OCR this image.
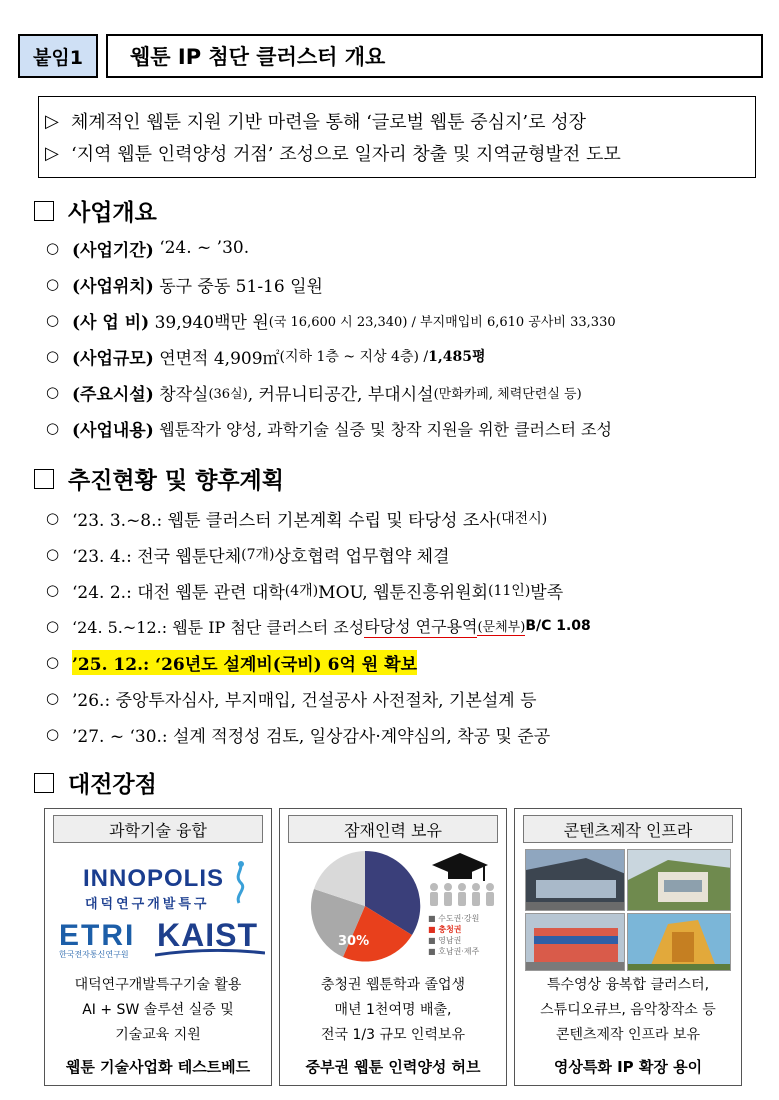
붙임1	웹툰 IP 첨단 클러스터 개요
▷ 체계적인 웹툰 지원 기반 마련을 통해 ‘글로벌 웹툰 중심지’로 성장
▷ ‘지역 웹툰 인력양성 거점’ 조성으로 일자리 창출 및 지역균형발전 도모
사업개요
○ (사업기간)
‘24. ~ ’30.
○ (사업위치)
동구 중동 51-16 일원
○ (사 업 비)
39,940백만 원 (국 16,600 시 23,340) / 부지매입비 6,610 공사비 33,330
○ (사업규모)
연면적 4,909㎡ (지하 1층 ~ 지상 4층) / 1,485평
○ (주요시설)
창작실 (36실) , 커뮤니티공간, 부대시설 (만화카페, 체력단련실 등)
○ (사업내용)
웹툰작가 양성, 과학기술 실증 및 창작 지원을 위한 클러스터 조성
추진현황 및 향후계획
○ ‘23. 3.~8.: 웹툰 클러스터 기본계획 수립 및 타당성 조사 (대전시)
○ ‘23. 4.: 전국 웹툰단체 (7개) 상호협력 업무협약 체결
○ ‘24. 2.: 대전 웹툰 관련 대학 (4개) MOU, 웹툰진흥위원회 (11인) 발족
○ ‘24. 5.~12.: 웹툰 IP 첨단 클러스터 조성 타당성 연구용역 (문체부) B/C 1.08
○ ’25. 12.: ‘26년도 설계비(국비) 6억 원 확보
○ ’26.: 중앙투자심사, 부지매입, 건설공사 사전절차, 기본설계 등
○ ’27. ~ ‘30.: 설계 적정성 검토, 일상감사·계약심의, 착공 및 준공
대전강점
과학기술 융합
INNOPOLIS
대덕연구개발특구
ETRI
한국전자통신연구원
KAIST
대덕연구개발특구기술 활용
AI + SW 솔루션 실증 및
기술교육 지원
웹툰 기술사업화 테스트베드
잠재인력 보유
30%
■ 수도권·강원
■ 충청권
■ 영남권
■ 호남권·제주
충청권 웹툰학과 졸업생
매년 1천여명 배출,
전국 1/3 규모 인력보유
중부권 웹툰 인력양성 허브
콘텐츠제작 인프라
특수영상 융복합 클러스터,
스튜디오큐브, 음악창작소 등
콘텐츠제작 인프라 보유
영상특화 IP 확장 용이
